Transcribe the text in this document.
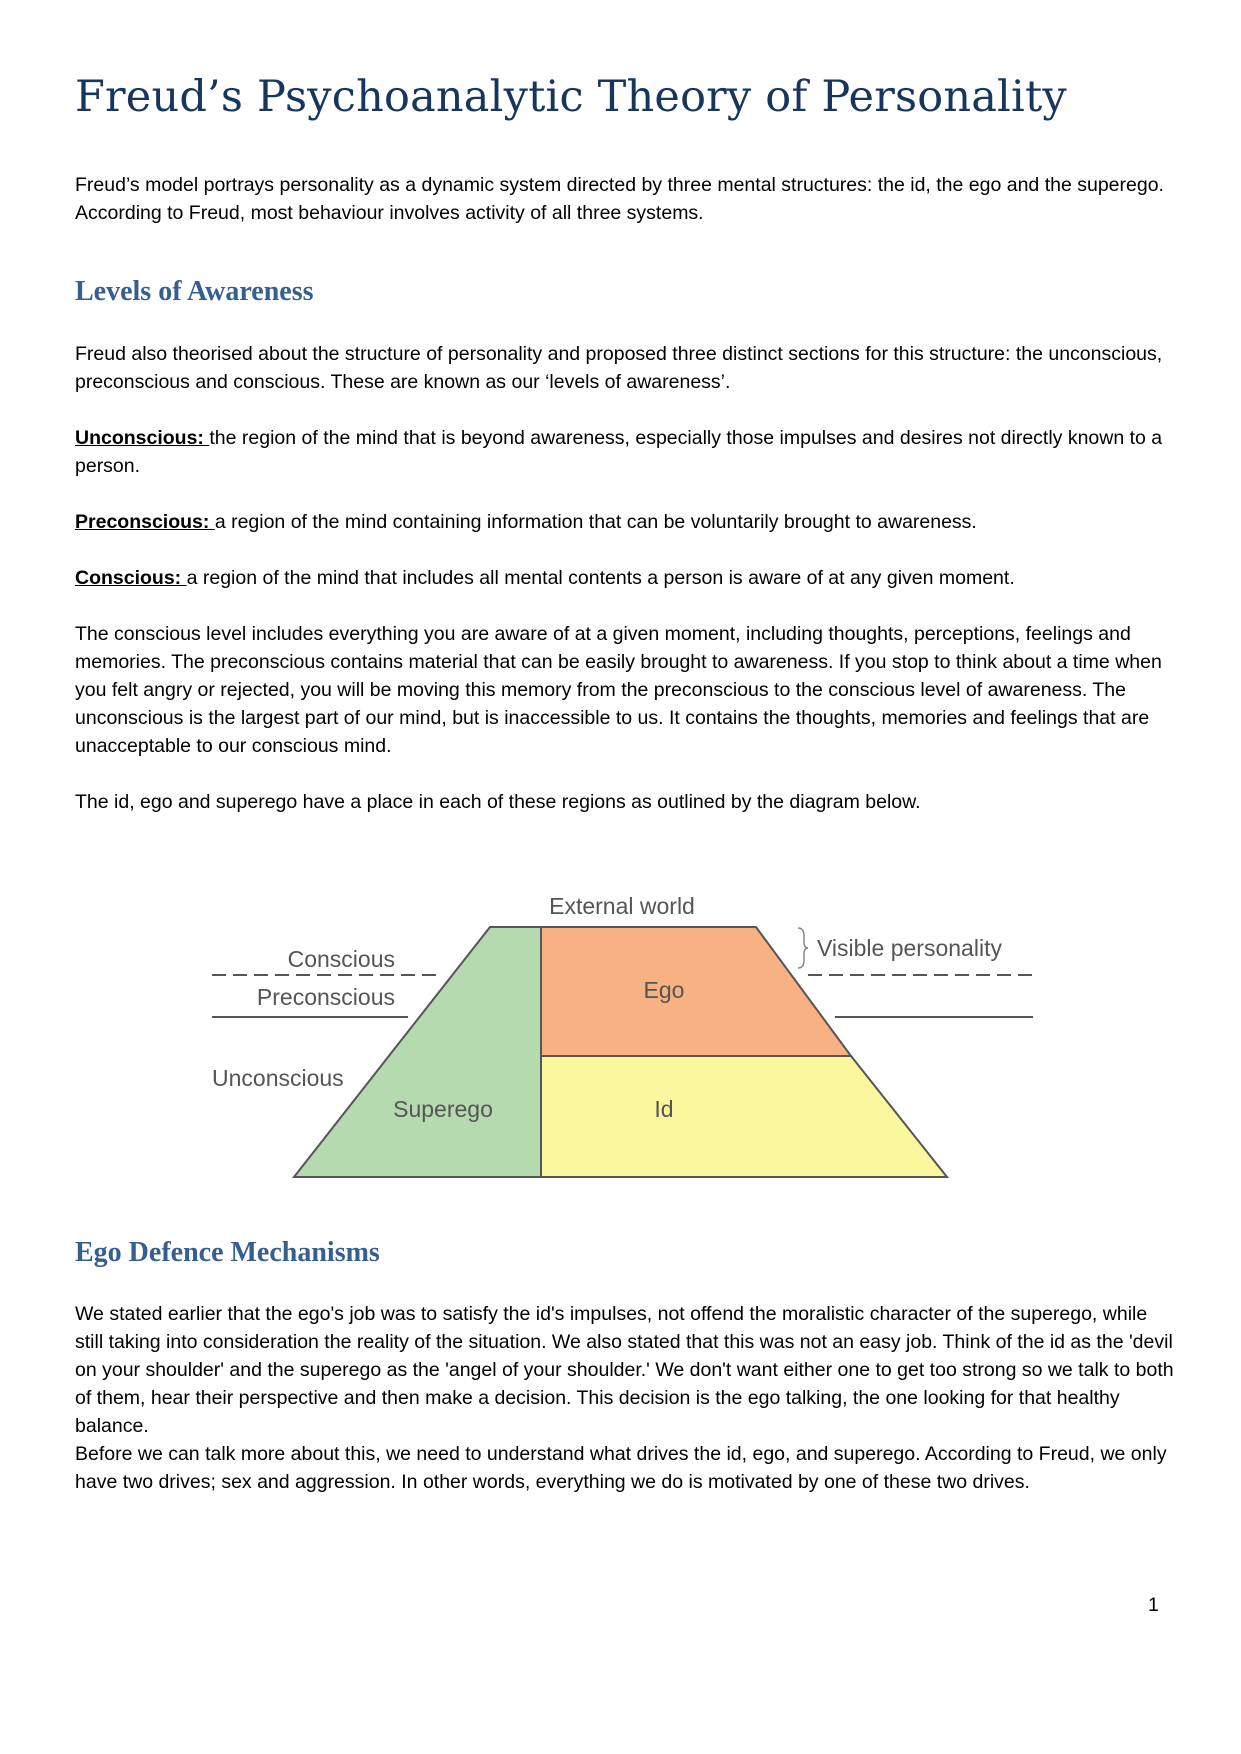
Freud’s Psychoanalytic Theory of Personality

Freud’s model portrays personality as a dynamic system directed by three mental structures: the id, the ego and the superego. According to Freud, most behaviour involves activity of all three systems.

Levels of Awareness

Freud also theorised about the structure of personality and proposed three distinct sections for this structure: the unconscious, preconscious and conscious. These are known as our ‘levels of awareness’.

Unconscious: the region of the mind that is beyond awareness, especially those impulses and desires not directly known to a person.

Preconscious: a region of the mind containing information that can be voluntarily brought to awareness.

Conscious: a region of the mind that includes all mental contents a person is aware of at any given moment.

The conscious level includes everything you are aware of at a given moment, including thoughts, perceptions, feelings and memories. The preconscious contains material that can be easily brought to awareness. If you stop to think about a time when you felt angry or rejected, you will be moving this memory from the preconscious to the conscious level of awareness. The unconscious is the largest part of our mind, but is inaccessible to us. It contains the thoughts, memories and feelings that are unacceptable to our conscious mind.

The id, ego and superego have a place in each of these regions as outlined by the diagram below.

External world
Visible personality
Conscious
Preconscious
Unconscious
Ego
Superego	Id
Ego Defence Mechanisms

We stated earlier that the ego's job was to satisfy the id's impulses, not offend the moralistic character of the superego, while still taking into consideration the reality of the situation. We also stated that this was not an easy job. Think of the id as the 'devil on your shoulder' and the superego as the 'angel of your shoulder.' We don't want either one to get too strong so we talk to both of them, hear their perspective and then make a decision. This decision is the ego talking, the one looking for that healthy balance.

Before we can talk more about this, we need to understand what drives the id, ego, and superego. According to Freud, we only have two drives; sex and aggression. In other words, everything we do is motivated by one of these two drives.

1
